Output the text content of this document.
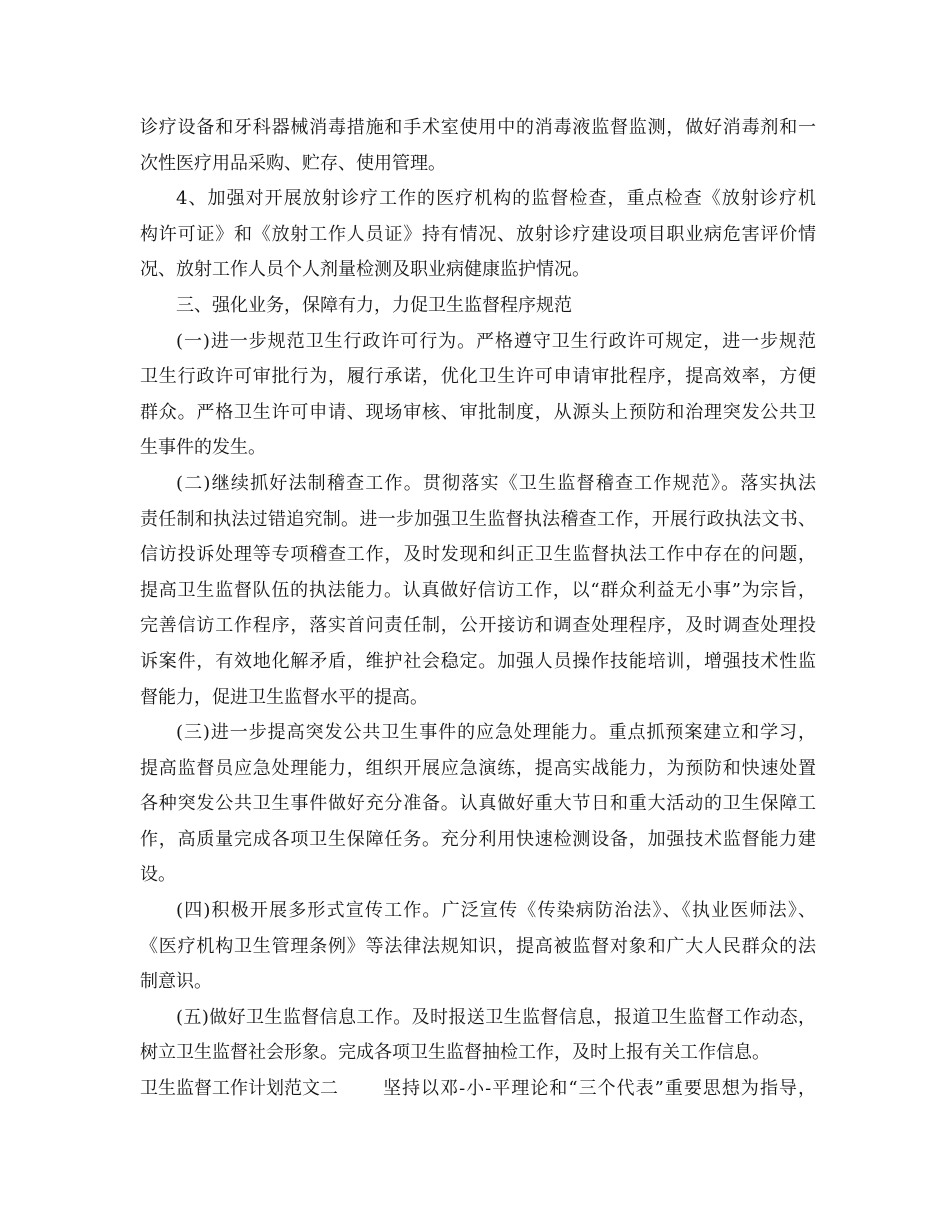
诊疗设备和牙科器械消毒措施和手术室使用中的消毒液监督监测，做好消毒剂和一
次性医疗用品采购、贮存、使用管理。
4、加强对开展放射诊疗工作的医疗机构的监督检查，重点检查《放射诊疗机
构许可证》和《放射工作人员证》持有情况、放射诊疗建设项目职业病危害评价情
况、放射工作人员个人剂量检测及职业病健康监护情况。
三、强化业务，保障有力，力促卫生监督程序规范
(一)进一步规范卫生行政许可行为。严格遵守卫生行政许可规定，进一步规范
卫生行政许可审批行为，履行承诺，优化卫生许可申请审批程序，提高效率，方便
群众。严格卫生许可申请、现场审核、审批制度，从源头上预防和治理突发公共卫
生事件的发生。
(二)继续抓好法制稽查工作。贯彻落实《卫生监督稽查工作规范》。落实执法
责任制和执法过错追究制。进一步加强卫生监督执法稽查工作，开展行政执法文书、
信访投诉处理等专项稽查工作，及时发现和纠正卫生监督执法工作中存在的问题，
提高卫生监督队伍的执法能力。认真做好信访工作，以“群众利益无小事”为宗旨，
完善信访工作程序，落实首问责任制，公开接访和调查处理程序，及时调查处理投
诉案件，有效地化解矛盾，维护社会稳定。加强人员操作技能培训，增强技术性监
督能力，促进卫生监督水平的提高。
(三)进一步提高突发公共卫生事件的应急处理能力。重点抓预案建立和学习，
提高监督员应急处理能力，组织开展应急演练，提高实战能力，为预防和快速处置
各种突发公共卫生事件做好充分准备。认真做好重大节日和重大活动的卫生保障工
作，高质量完成各项卫生保障任务。充分利用快速检测设备，加强技术监督能力建
设。
(四)积极开展多形式宣传工作。广泛宣传《传染病防治法》、《执业医师法》、
《医疗机构卫生管理条例》等法律法规知识，提高被监督对象和广大人民群众的法
制意识。
(五)做好卫生监督信息工作。及时报送卫生监督信息，报道卫生监督工作动态，
树立卫生监督社会形象。完成各项卫生监督抽检工作，及时上报有关工作信息。
卫生监督工作计划范文二	坚持以邓-小-平理论和“三个代表”重要思想为指导，
